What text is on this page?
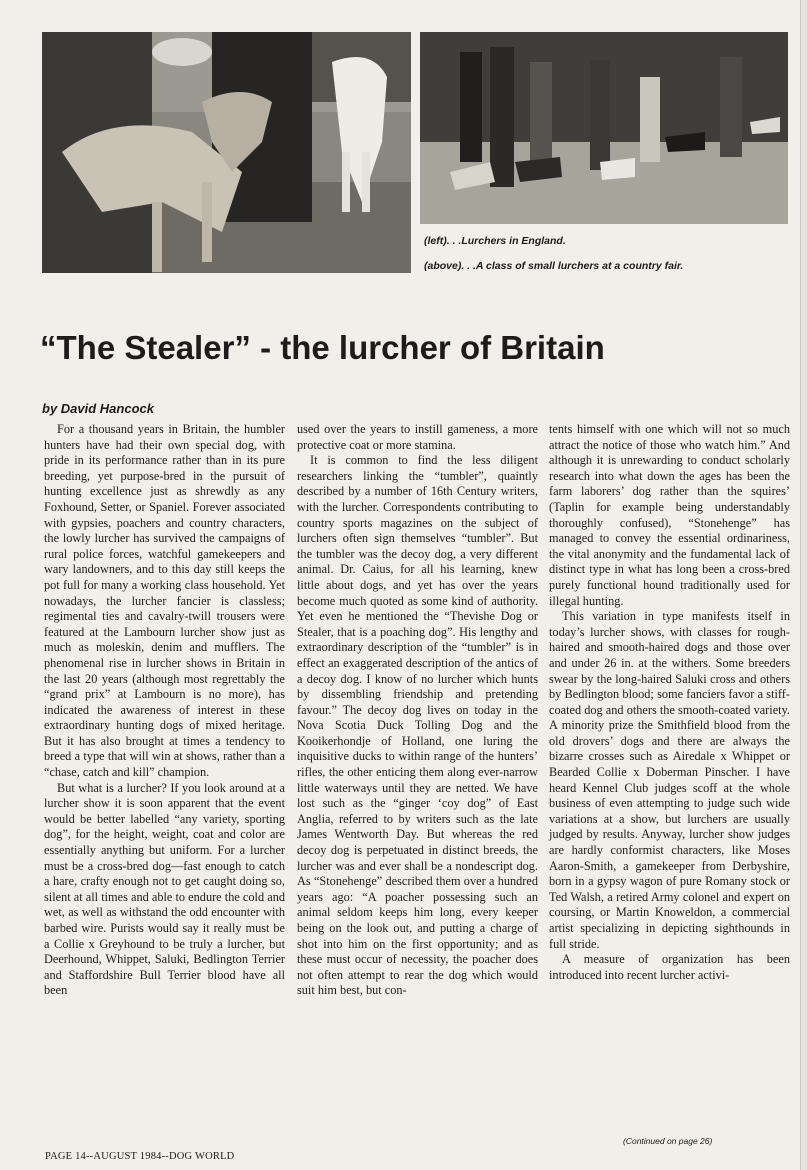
(left). . .Lurchers in England.

(above). . .A class of small lurchers at a country fair.

“The Stealer” - the lurcher of Britain

by David Hancock

For a thousand years in Britain, the humbler hunters have had their own special dog, with pride in its performance rather than in its pure breeding, yet purpose-bred in the pursuit of hunting excellence just as shrewdly as any Foxhound, Setter, or Spaniel. Forever associated with gypsies, poachers and country characters, the lowly lurcher has survived the campaigns of rural police forces, watchful gamekeepers and wary landowners, and to this day still keeps the pot full for many a working class household. Yet nowadays, the lurcher fancier is classless; regimental ties and cavalry-twill trousers were featured at the Lambourn lurcher show just as much as moleskin, denim and mufflers. The phenomenal rise in lurcher shows in Britain in the last 20 years (although most regrettably the “grand prix” at Lambourn is no more), has indicated the awareness of interest in these extraordinary hunting dogs of mixed heritage. But it has also brought at times a tendency to breed a type that will win at shows, rather than a “chase, catch and kill” champion.

But what is a lurcher? If you look around at a lurcher show it is soon apparent that the event would be better labelled “any variety, sporting dog”, for the height, weight, coat and color are essentially anything but uniform. For a lurcher must be a cross-bred dog—fast enough to catch a hare, crafty enough not to get caught doing so, silent at all times and able to endure the cold and wet, as well as withstand the odd encounter with barbed wire. Purists would say it really must be a Collie x Greyhound to be truly a lurcher, but Deerhound, Whippet, Saluki, Bedlington Terrier and Staffordshire Bull Terrier blood have all been

used over the years to instill gameness, a more protective coat or more stamina.

It is common to find the less diligent researchers linking the “tumbler”, quaintly described by a number of 16th Century writers, with the lurcher. Correspondents contributing to country sports magazines on the subject of lurchers often sign themselves “tumbler”. But the tumbler was the decoy dog, a very different animal. Dr. Caius, for all his learning, knew little about dogs, and yet has over the years become much quoted as some kind of authority. Yet even he mentioned the “Thevishe Dog or Stealer, that is a poaching dog”. His lengthy and extraordinary description of the “tumbler” is in effect an exaggerated description of the antics of a decoy dog. I know of no lurcher which hunts by dissembling friendship and pretending favour.” The decoy dog lives on today in the Nova Scotia Duck Tolling Dog and the Kooikerhondje of Holland, one luring the inquisitive ducks to within range of the hunters’ rifles, the other enticing them along ever-narrow little waterways until they are netted. We have lost such as the “ginger ‘coy dog” of East Anglia, referred to by writers such as the late James Wentworth Day. But whereas the red decoy dog is perpetuated in distinct breeds, the lurcher was and ever shall be a nondescript dog. As “Stonehenge” described them over a hundred years ago: “A poacher possessing such an animal seldom keeps him long, every keeper being on the look out, and putting a charge of shot into him on the first opportunity; and as these must occur of necessity, the poacher does not often attempt to rear the dog which would suit him best, but con-

tents himself with one which will not so much attract the notice of those who watch him.” And although it is unrewarding to conduct scholarly research into what down the ages has been the farm laborers’ dog rather than the squires’ (Taplin for example being understandably thoroughly confused), “Stonehenge” has managed to convey the essential ordinariness, the vital anonymity and the fundamental lack of distinct type in what has long been a cross-bred purely functional hound traditionally used for illegal hunting.

This variation in type manifests itself in today’s lurcher shows, with classes for rough-haired and smooth-haired dogs and those over and under 26 in. at the withers. Some breeders swear by the long-haired Saluki cross and others by Bedlington blood; some fanciers favor a stiff-coated dog and others the smooth-coated variety. A minority prize the Smithfield blood from the old drovers’ dogs and there are always the bizarre crosses such as Airedale x Whippet or Bearded Collie x Doberman Pinscher. I have heard Kennel Club judges scoff at the whole business of even attempting to judge such wide variations at a show, but lurchers are usually judged by results. Anyway, lurcher show judges are hardly conformist characters, like Moses Aaron-Smith, a gamekeeper from Derbyshire, born in a gypsy wagon of pure Romany stock or Ted Walsh, a retired Army colonel and expert on coursing, or Martin Knoweldon, a commercial artist specializing in depicting sighthounds in full stride.

A measure of organization has been introduced into recent lurcher activi-

(Continued on page 26)

PAGE 14--AUGUST 1984--DOG WORLD
